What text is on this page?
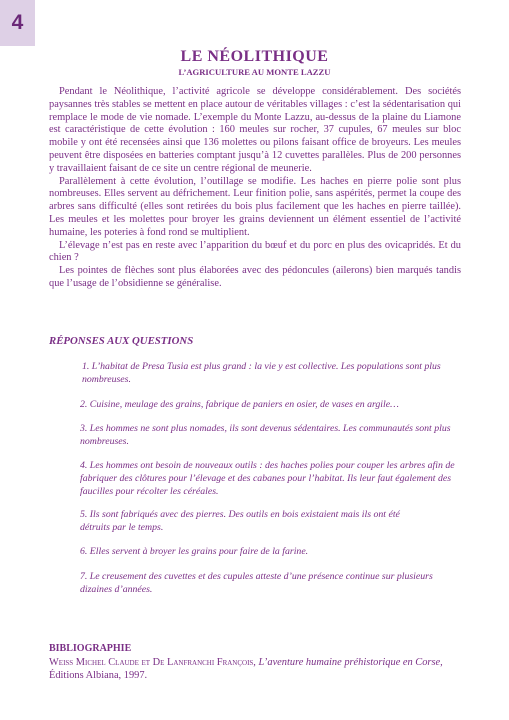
4
LE NÉOLITHIQUE
L’AGRICULTURE AU MONTE LAZZU

Pendant le Néolithique, l’activité agricole se développe considérablement. Des sociétés paysannes très stables se mettent en place autour de véritables villages : c’est la sédentarisation qui remplace le mode de vie nomade. L’exemple du Monte Lazzu, au-dessus de la plaine du Liamone est caractéristique de cette évolution : 160 meules sur rocher, 37 cupules, 67 meules sur bloc mobile y ont été recensées ainsi que 136 molettes ou pilons faisant office de broyeurs. Les meules peuvent être disposées en batteries comptant jusqu’à 12 cuvettes parallèles. Plus de 200 personnes y travaillaient faisant de ce site un centre régional de meunerie.

Parallèlement à cette évolution, l’outillage se modifie. Les haches en pierre polie sont plus nombreuses. Elles servent au défrichement. Leur finition polie, sans aspérités, permet la coupe des arbres sans difficulté (elles sont retirées du bois plus facilement que les haches en pierre taillée). Les meules et les molettes pour broyer les grains deviennent un élément essentiel de l’activité humaine, les poteries à fond rond se multiplient.

L’élevage n’est pas en reste avec l’apparition du bœuf et du porc en plus des ovicapridés. Et du chien ?

Les pointes de flèches sont plus élaborées avec des pédoncules (ailerons) bien marqués tandis que l’usage de l’obsidienne se généralise.

RÉPONSES AUX QUESTIONS

1. L’habitat de Presa Tusia est plus grand : la vie y est collective. Les populations sont plus nombreuses.

2. Cuisine, meulage des grains, fabrique de paniers en osier, de vases en argile…

3. Les hommes ne sont plus nomades, ils sont devenus sédentaires. Les communautés sont plus nombreuses.

4. Les hommes ont besoin de nouveaux outils : des haches polies pour couper les arbres afin de fabriquer des clôtures pour l’élevage et des cabanes pour l’habitat. Ils leur faut également des faucilles pour récolter les céréales.

5. Ils sont fabriqués avec des pierres. Des outils en bois existaient mais ils ont été détruits par le temps.

6. Elles servent à broyer les grains pour faire de la farine.

7. Le creusement des cuvettes et des cupules atteste d’une présence continue sur plusieurs dizaines d’années.

BIBLIOGRAPHIE
Weiss Michel Claude et De Lanfranchi François, L’aventure humaine préhistorique en Corse,
Éditions Albiana, 1997.
